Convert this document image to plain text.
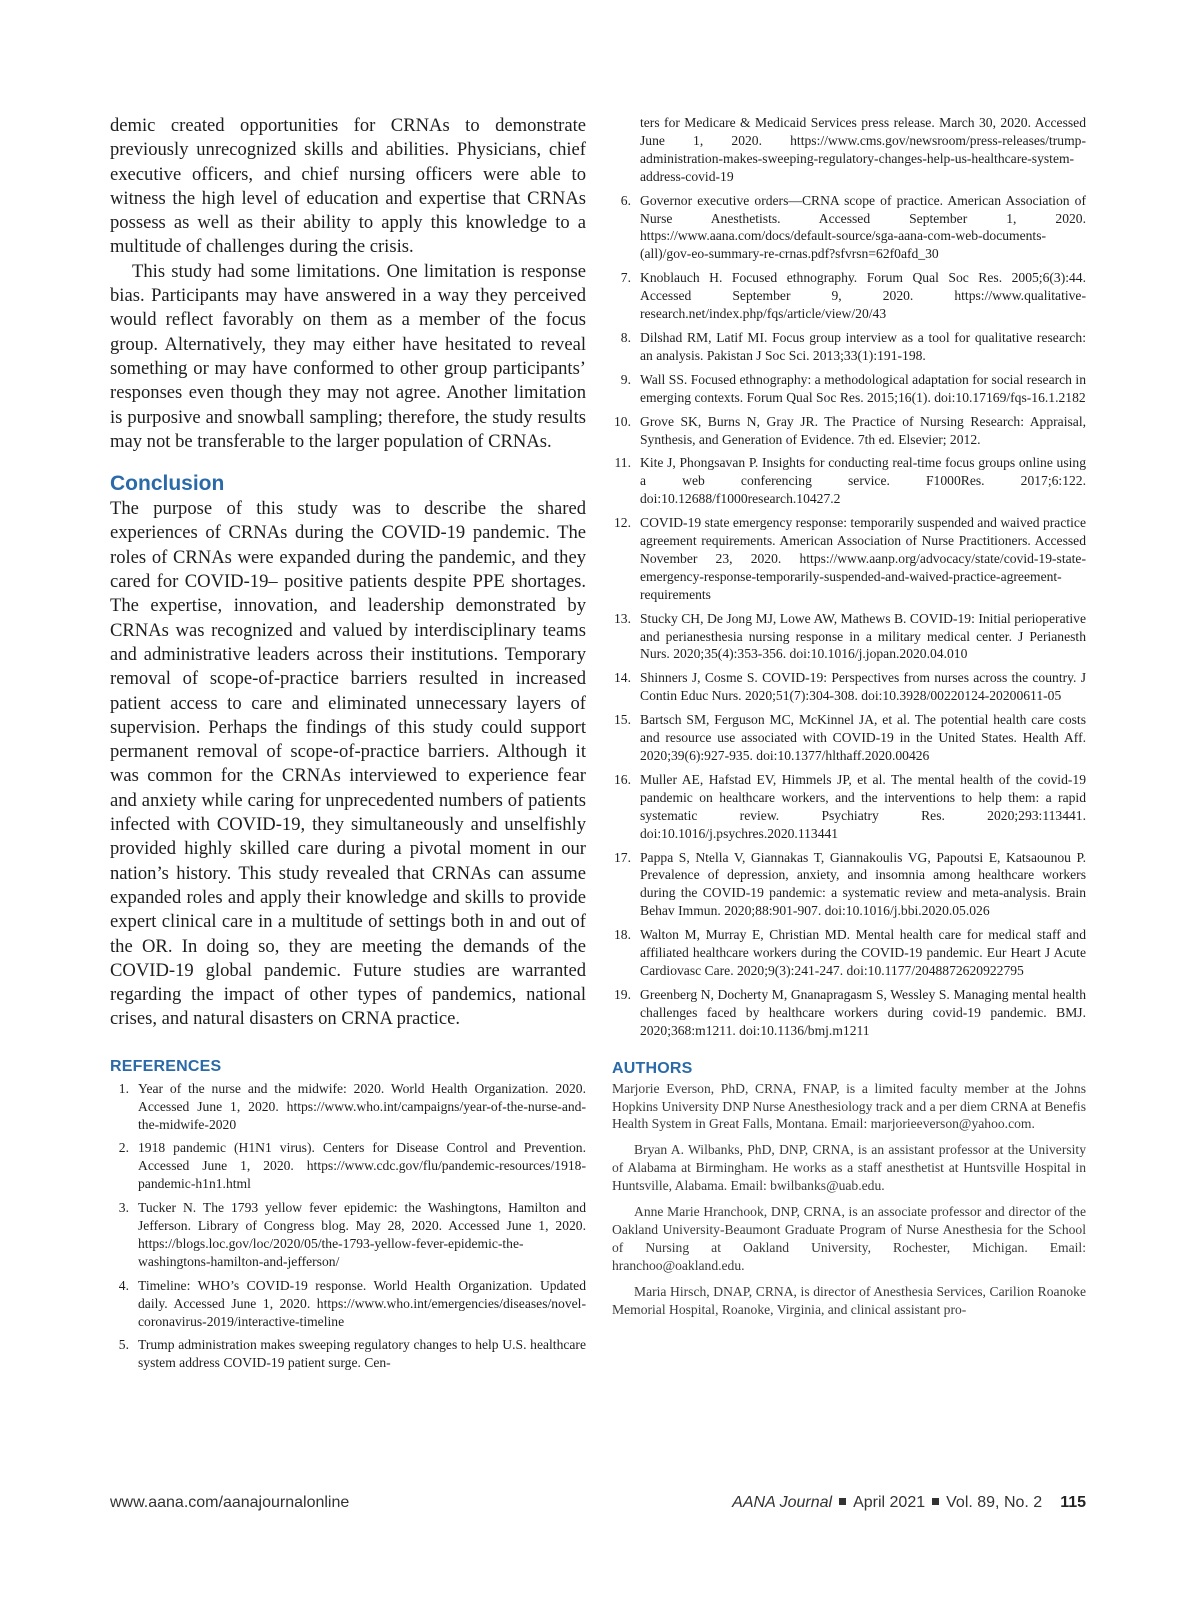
demic created opportunities for CRNAs to demonstrate previously unrecognized skills and abilities. Physicians, chief executive officers, and chief nursing officers were able to witness the high level of education and expertise that CRNAs possess as well as their ability to apply this knowledge to a multitude of challenges during the crisis.

This study had some limitations. One limitation is response bias. Participants may have answered in a way they perceived would reflect favorably on them as a member of the focus group. Alternatively, they may either have hesitated to reveal something or may have conformed to other group participants’ responses even though they may not agree. Another limitation is purposive and snowball sampling; therefore, the study results may not be transferable to the larger population of CRNAs.

Conclusion

The purpose of this study was to describe the shared experiences of CRNAs during the COVID-19 pandemic. The roles of CRNAs were expanded during the pandemic, and they cared for COVID-19– positive patients despite PPE shortages. The expertise, innovation, and leadership demonstrated by CRNAs was recognized and valued by interdisciplinary teams and administrative leaders across their institutions. Temporary removal of scope-of-practice barriers resulted in increased patient access to care and eliminated unnecessary layers of supervision. Perhaps the findings of this study could support permanent removal of scope-of-practice barriers. Although it was common for the CRNAs interviewed to experience fear and anxiety while caring for unprecedented numbers of patients infected with COVID-19, they simultaneously and unselfishly provided highly skilled care during a pivotal moment in our nation’s history. This study revealed that CRNAs can assume expanded roles and apply their knowledge and skills to provide expert clinical care in a multitude of settings both in and out of the OR. In doing so, they are meeting the demands of the COVID-19 global pandemic. Future studies are warranted regarding the impact of other types of pandemics, national crises, and natural disasters on CRNA practice.

REFERENCES
1. Year of the nurse and the midwife: 2020. World Health Organization. 2020. Accessed June 1, 2020. https://www.who.int/campaigns/year-of-the-nurse-and-the-midwife-2020
2. 1918 pandemic (H1N1 virus). Centers for Disease Control and Prevention. Accessed June 1, 2020. https://www.cdc.gov/flu/pandemic-resources/1918-pandemic-h1n1.html
3. Tucker N. The 1793 yellow fever epidemic: the Washingtons, Hamilton and Jefferson. Library of Congress blog. May 28, 2020. Accessed June 1, 2020. https://blogs.loc.gov/loc/2020/05/the-1793-yellow-fever-epidemic-the-washingtons-hamilton-and-jefferson/
4. Timeline: WHO’s COVID-19 response. World Health Organization. Updated daily. Accessed June 1, 2020. https://www.who.int/emergencies/diseases/novel-coronavirus-2019/interactive-timeline
5. Trump administration makes sweeping regulatory changes to help U.S. healthcare system address COVID-19 patient surge. Cen-

ters for Medicare & Medicaid Services press release. March 30, 2020. Accessed June 1, 2020. https://www.cms.gov/newsroom/press-releases/trump-administration-makes-sweeping-regulatory-changes-help-us-healthcare-system-address-covid-19

6. Governor executive orders—CRNA scope of practice. American Association of Nurse Anesthetists. Accessed September 1, 2020. https://www.aana.com/docs/default-source/sga-aana-com-web-documents-(all)/gov-eo-summary-re-crnas.pdf?sfvrsn=62f0afd_30
7. Knoblauch H. Focused ethnography. Forum Qual Soc Res. 2005;6(3):44. Accessed September 9, 2020. https://www.qualitative-research.net/index.php/fqs/article/view/20/43
8. Dilshad RM, Latif MI. Focus group interview as a tool for qualitative research: an analysis. Pakistan J Soc Sci. 2013;33(1):191-198.
9. Wall SS. Focused ethnography: a methodological adaptation for social research in emerging contexts. Forum Qual Soc Res. 2015;16(1). doi:10.17169/fqs-16.1.2182
10. Grove SK, Burns N, Gray JR. The Practice of Nursing Research: Appraisal, Synthesis, and Generation of Evidence. 7th ed. Elsevier; 2012.
11. Kite J, Phongsavan P. Insights for conducting real-time focus groups online using a web conferencing service. F1000Res. 2017;6:122. doi:10.12688/f1000research.10427.2
12. COVID-19 state emergency response: temporarily suspended and waived practice agreement requirements. American Association of Nurse Practitioners. Accessed November 23, 2020. https://www.aanp.org/advocacy/state/covid-19-state-emergency-response-temporarily-suspended-and-waived-practice-agreement-requirements
13. Stucky CH, De Jong MJ, Lowe AW, Mathews B. COVID-19: Initial perioperative and perianesthesia nursing response in a military medical center. J Perianesth Nurs. 2020;35(4):353-356. doi:10.1016/j.jopan.2020.04.010
14. Shinners J, Cosme S. COVID-19: Perspectives from nurses across the country. J Contin Educ Nurs. 2020;51(7):304-308. doi:10.3928/00220124-20200611-05
15. Bartsch SM, Ferguson MC, McKinnel JA, et al. The potential health care costs and resource use associated with COVID-19 in the United States. Health Aff. 2020;39(6):927-935. doi:10.1377/hlthaff.2020.00426
16. Muller AE, Hafstad EV, Himmels JP, et al. The mental health of the covid-19 pandemic on healthcare workers, and the interventions to help them: a rapid systematic review. Psychiatry Res. 2020;293:113441. doi:10.1016/j.psychres.2020.113441
17. Pappa S, Ntella V, Giannakas T, Giannakoulis VG, Papoutsi E, Katsaounou P. Prevalence of depression, anxiety, and insomnia among healthcare workers during the COVID-19 pandemic: a systematic review and meta-analysis. Brain Behav Immun. 2020;88:901-907. doi:10.1016/j.bbi.2020.05.026
18. Walton M, Murray E, Christian MD. Mental health care for medical staff and affiliated healthcare workers during the COVID-19 pandemic. Eur Heart J Acute Cardiovasc Care. 2020;9(3):241-247. doi:10.1177/2048872620922795
19. Greenberg N, Docherty M, Gnanapragasm S, Wessley S. Managing mental health challenges faced by healthcare workers during covid-19 pandemic. BMJ. 2020;368:m1211. doi:10.1136/bmj.m1211
AUTHORS

Marjorie Everson, PhD, CRNA, FNAP, is a limited faculty member at the Johns Hopkins University DNP Nurse Anesthesiology track and a per diem CRNA at Benefis Health System in Great Falls, Montana. Email: marjorieeverson@yahoo.com.

Bryan A. Wilbanks, PhD, DNP, CRNA, is an assistant professor at the University of Alabama at Birmingham. He works as a staff anesthetist at Huntsville Hospital in Huntsville, Alabama. Email: bwilbanks@uab.edu.

Anne Marie Hranchook, DNP, CRNA, is an associate professor and director of the Oakland University-Beaumont Graduate Program of Nurse Anesthesia for the School of Nursing at Oakland University, Rochester, Michigan. Email: hranchoo@oakland.edu.

Maria Hirsch, DNAP, CRNA, is director of Anesthesia Services, Carilion Roanoke Memorial Hospital, Roanoke, Virginia, and clinical assistant pro-

www.aana.com/aanajournalonline	AANA Journal April 2021 Vol. 89, No. 2 115
